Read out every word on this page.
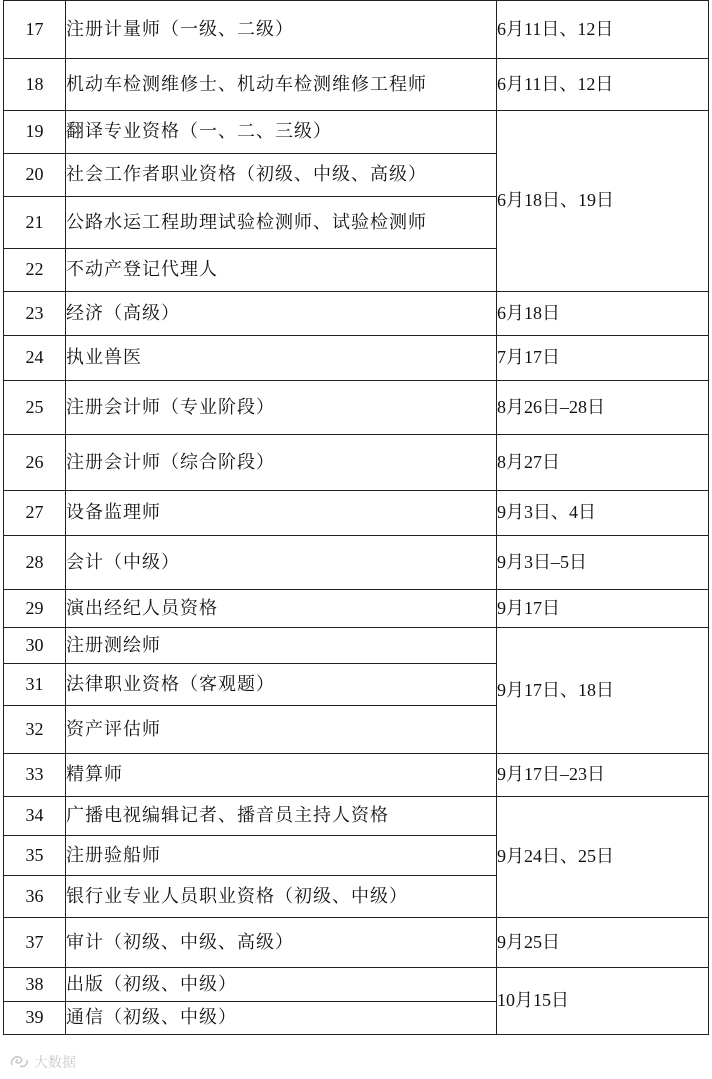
17	注册计量师（一级、二级）	6月11日、12日
18	机动车检测维修士、机动车检测维修工程师	6月11日、12日
19	翻译专业资格（一、二、三级）	6月18日、19日
20	社会工作者职业资格（初级、中级、高级）	
21	公路水运工程助理试验检测师、试验检测师	
22	不动产登记代理人	
23	经济（高级）	6月18日
24	执业兽医	7月17日
25	注册会计师（专业阶段）	8月26日–28日
26	注册会计师（综合阶段）	8月27日
27	设备监理师	9月3日、4日
28	会计（中级）	9月3日–5日
29	演出经纪人员资格	9月17日
30	注册测绘师	9月17日、18日
31	法律职业资格（客观题）	
32	资产评估师	
33	精算师	9月17日–23日
34	广播电视编辑记者、播音员主持人资格	9月24日、25日
35	注册验船师	
36	银行业专业人员职业资格（初级、中级）	
37	审计（初级、中级、高级）	9月25日
38	出版（初级、中级）	10月15日
39	通信（初级、中级）	
大数据
